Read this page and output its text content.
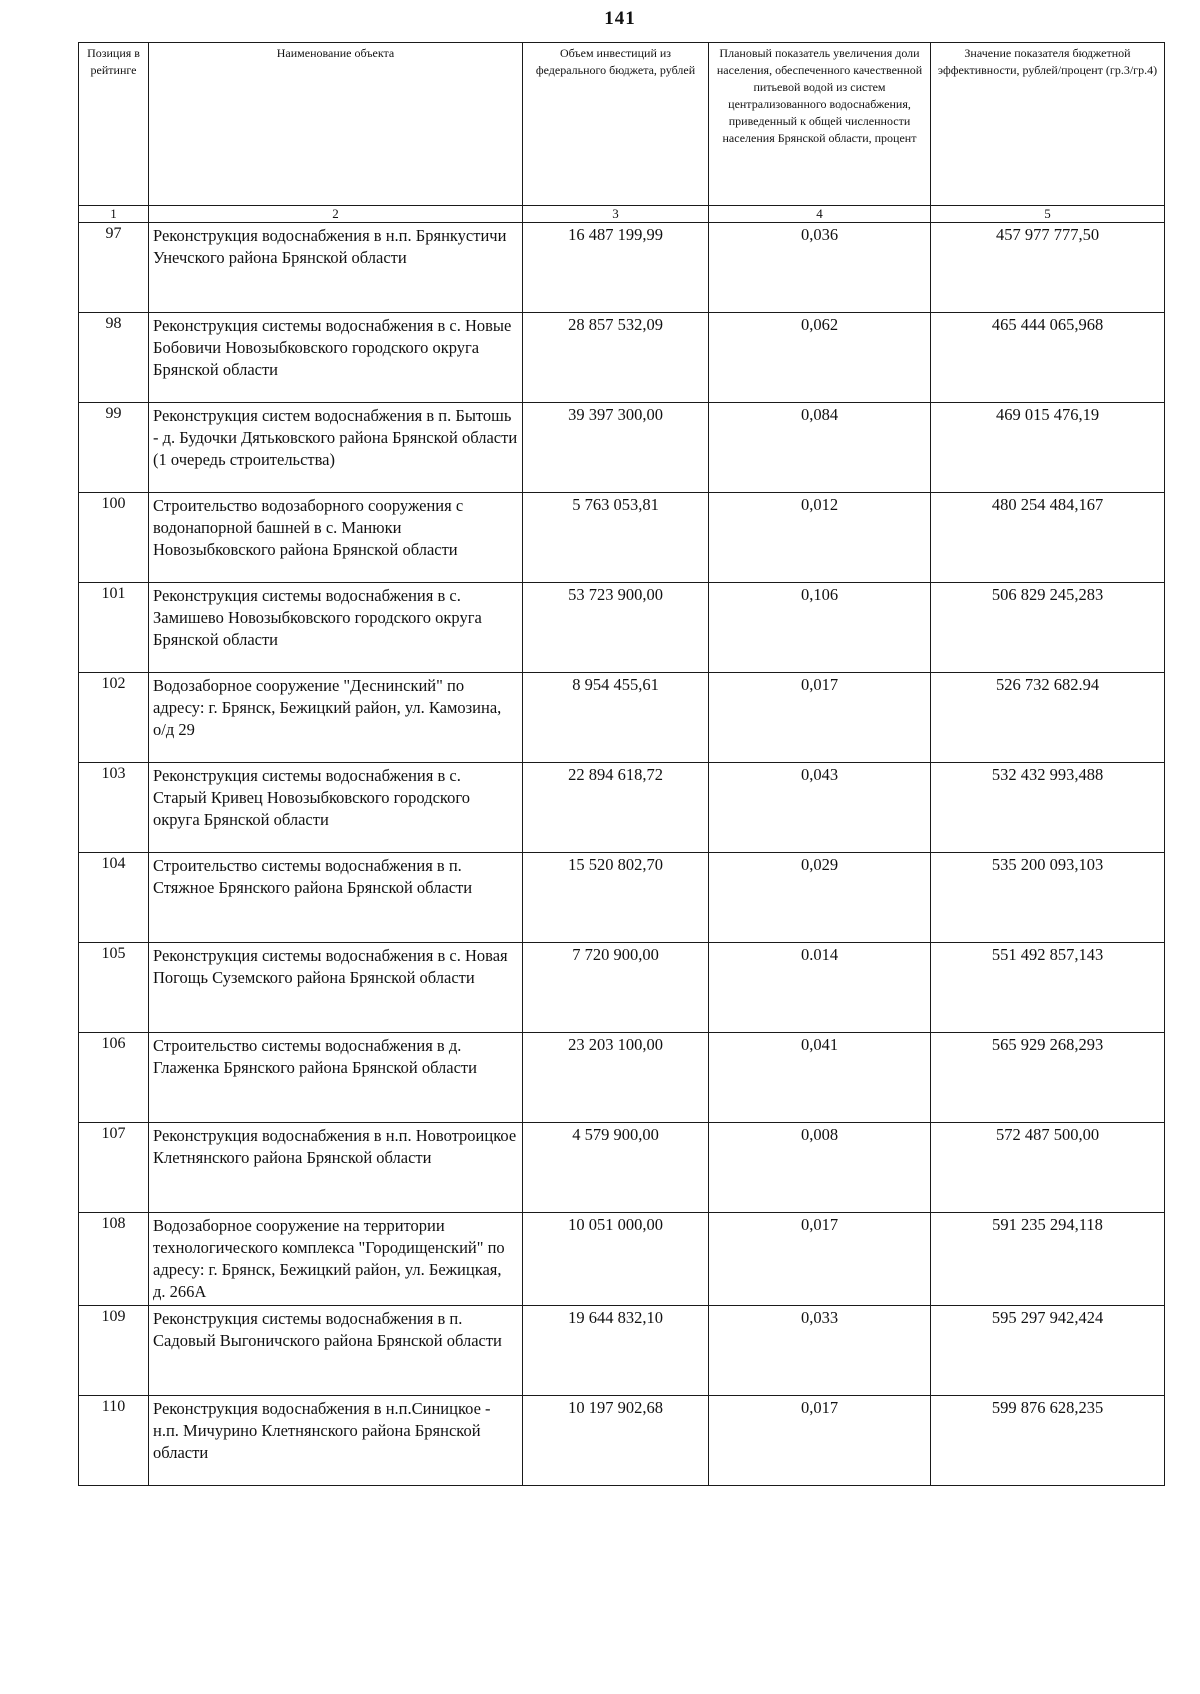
141
Позиция в рейтинге	Наименование объекта	Объем инвестиций из федерального бюджета, рублей	Плановый показатель увеличения доли населения, обеспеченного качественной питьевой водой из систем централизованного водоснабжения, приведенный к общей численности населения Брянской области, процент	Значение показателя бюджетной эффективности, рублей/процент (гр.3/гр.4)
1	2	3	4	5
97	Реконструкция водоснабжения в н.п. Брянкустичи Унечского района Брянской области	16 487 199,99	0,036	457 977 777,50
98	Реконструкция системы водоснабжения в с. Новые Бобовичи Новозыбковского городского округа Брянской области	28 857 532,09	0,062	465 444 065,968
99	Реконструкция систем водоснабжения в п. Бытошь - д. Будочки Дятьковского района Брянской области (1 очередь строительства)	39 397 300,00	0,084	469 015 476,19
100	Строительство водозаборного сооружения с водонапорной башней в с. Манюки Новозыбковского района Брянской области	5 763 053,81	0,012	480 254 484,167
101	Реконструкция системы водоснабжения в с. Замишево Новозыбковского городского округа Брянской области	53 723 900,00	0,106	506 829 245,283
102	Водозаборное сооружение "Деснинский" по адресу: г. Брянск, Бежицкий район, ул. Камозина, о/д 29	8 954 455,61	0,017	526 732 682.94
103	Реконструкция системы водоснабжения в с. Старый Кривец Новозыбковского городского округа Брянской области	22 894 618,72	0,043	532 432 993,488
104	Строительство системы водоснабжения в п. Стяжное Брянского района Брянской области	15 520 802,70	0,029	535 200 093,103
105	Реконструкция системы водоснабжения в с. Новая Погощь Суземского района Брянской области	7 720 900,00	0.014	551 492 857,143
106	Строительство системы водоснабжения в д. Глаженка Брянского района Брянской области	23 203 100,00	0,041	565 929 268,293
107	Реконструкция водоснабжения в н.п. Новотроицкое Клетнянского района Брянской области	4 579 900,00	0,008	572 487 500,00
108	Водозаборное сооружение на территории технологического комплекса "Городищенский" по адресу: г. Брянск, Бежицкий район, ул. Бежицкая, д. 266А	10 051 000,00	0,017	591 235 294,118
109	Реконструкция системы водоснабжения в п. Садовый Выгоничского района Брянской области	19 644 832,10	0,033	595 297 942,424
110	Реконструкция водоснабжения в н.п.Синицкое - н.п. Мичурино Клетнянского района Брянской области	10 197 902,68	0,017	599 876 628,235
